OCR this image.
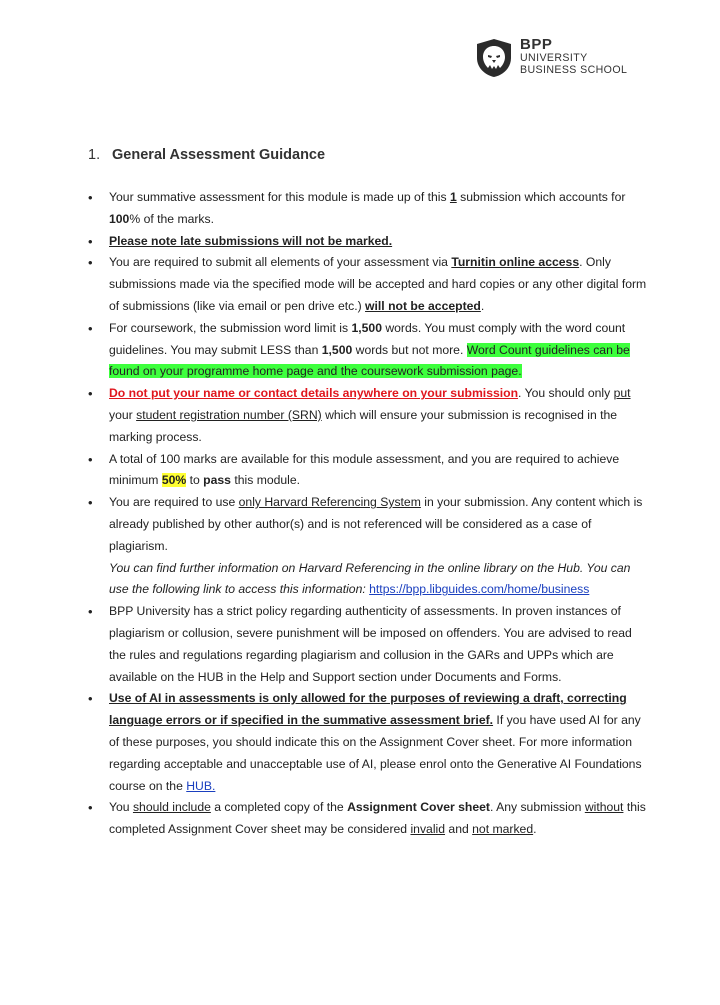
BPP
UNIVERSITY
BUSINESS SCHOOL
1. General Assessment Guidance
• Your summative assessment for this module is made up of this 1 submission which accounts for 100% of the marks.
• Please note late submissions will not be marked.
• You are required to submit all elements of your assessment via Turnitin online access. Only submissions made via the specified mode will be accepted and hard copies or any other digital form of submissions (like via email or pen drive etc.) will not be accepted.
• For coursework, the submission word limit is 1,500 words. You must comply with the word count guidelines. You may submit LESS than 1,500 words but not more. Word Count guidelines can be found on your programme home page and the coursework submission page.
• Do not put your name or contact details anywhere on your submission. You should only put your student registration number (SRN) which will ensure your submission is recognised in the marking process.
• A total of 100 marks are available for this module assessment, and you are required to achieve minimum 50% to pass this module.
• You are required to use only Harvard Referencing System in your submission. Any content which is already published by other author(s) and is not referenced will be considered as a case of plagiarism.
You can find further information on Harvard Referencing in the online library on the Hub. You can use the following link to access this information: https://bpp.libguides.com/home/business
• BPP University has a strict policy regarding authenticity of assessments. In proven instances of plagiarism or collusion, severe punishment will be imposed on offenders. You are advised to read the rules and regulations regarding plagiarism and collusion in the GARs and UPPs which are available on the HUB in the Help and Support section under Documents and Forms.
• Use of AI in assessments is only allowed for the purposes of reviewing a draft, correcting language errors or if specified in the summative assessment brief. If you have used AI for any of these purposes, you should indicate this on the Assignment Cover sheet. For more information regarding acceptable and unacceptable use of AI, please enrol onto the Generative AI Foundations course on the HUB.
• You should include a completed copy of the Assignment Cover sheet. Any submission without this completed Assignment Cover sheet may be considered invalid and not marked.
